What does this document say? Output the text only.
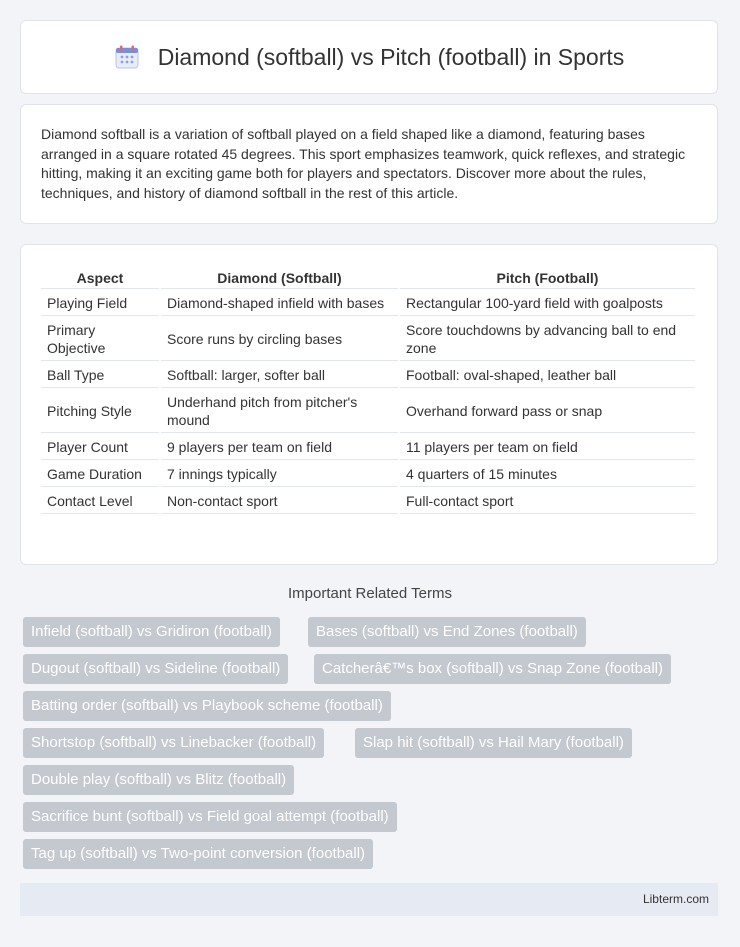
Diamond (softball) vs Pitch (football) in Sports

Diamond softball is a variation of softball played on a field shaped like a diamond, featuring bases arranged in a square rotated 45 degrees. This sport emphasizes teamwork, quick reflexes, and strategic hitting, making it an exciting game both for players and spectators. Discover more about the rules, techniques, and history of diamond softball in the rest of this article.

Aspect	Diamond (Softball)	Pitch (Football)
Playing Field	Diamond-shaped infield with bases	Rectangular 100-yard field with goalposts
Primary Objective	Score runs by circling bases	Score touchdowns by advancing ball to end zone
Ball Type	Softball: larger, softer ball	Football: oval-shaped, leather ball
Pitching Style	Underhand pitch from pitcher's mound	Overhand forward pass or snap
Player Count	9 players per team on field	11 players per team on field
Game Duration	7 innings typically	4 quarters of 15 minutes
Contact Level	Non-contact sport	Full-contact sport
Important Related Terms
Infield (softball) vs Gridiron (football)	Bases (softball) vs End Zones (football)
Dugout (softball) vs Sideline (football)	Catcherâ€™s box (softball) vs Snap Zone (football)
Batting order (softball) vs Playbook scheme (football)
Shortstop (softball) vs Linebacker (football)	Slap hit (softball) vs Hail Mary (football)
Double play (softball) vs Blitz (football)
Sacrifice bunt (softball) vs Field goal attempt (football)
Tag up (softball) vs Two-point conversion (football)
Libterm.com
